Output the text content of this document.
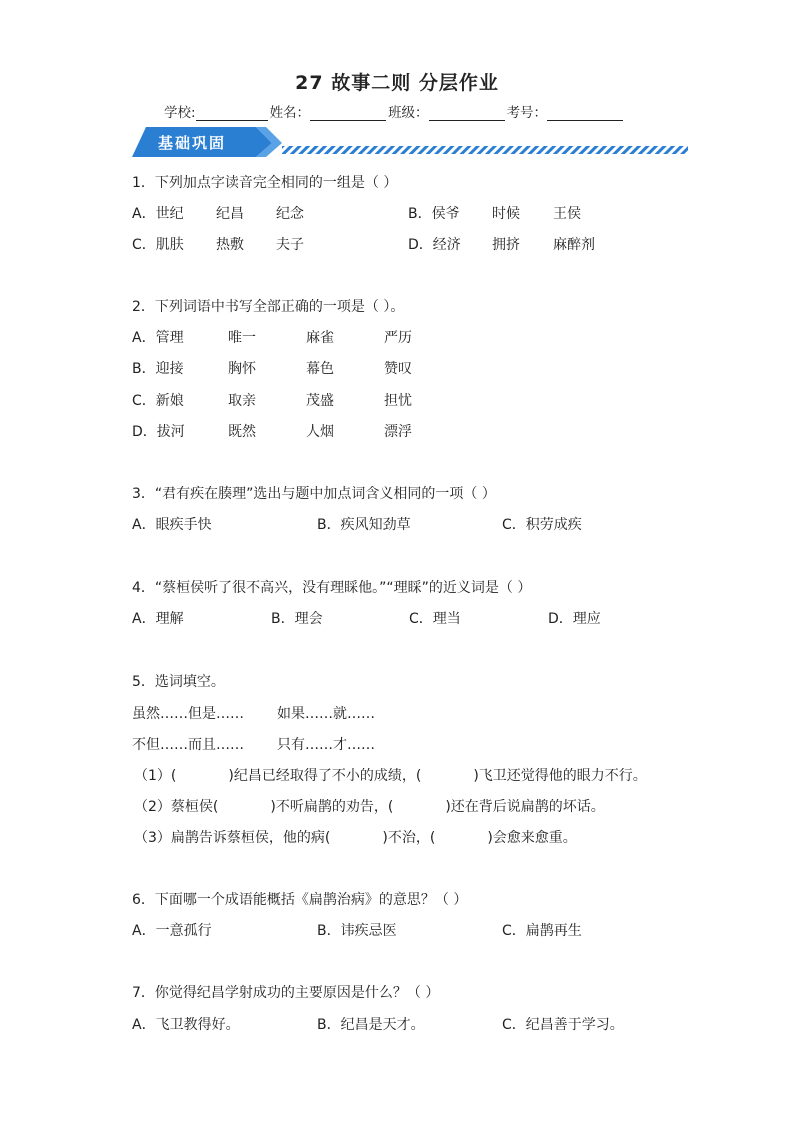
27 故事二则 分层作业
学校:	姓名：	班级：	考号：
基础巩固
1．下列加点字读音完全相同的一组是（ ）
A．世纪 纪昌 纪念	B．侯爷 时候 王侯
C．肌肤 热敷 夫子	D．经济 拥挤 麻醉剂
2．下列词语中书写全部正确的一项是（ ）。
A．管理	唯一	麻雀	严历
B．迎接	胸怀	幕色	赞叹
C．新娘	取亲	茂盛	担忧
D．拔河	既然	人烟	漂浮
3．“君有疾在腠理”选出与题中加点词含义相同的一项（ ）
A．眼疾手快	B．疾风知劲草	C．积劳成疾
4．“蔡桓侯听了很不高兴，没有理睬他。”“理睬”的近义词是（ ）
A．理解	B．理会	C．理当	D．理应
5．选词填空。
虽然……但是…… 如果……就……
不但……而且…… 只有……才……
（1）(	)纪昌已经取得了不小的成绩，(	)飞卫还觉得他的眼力不行。
（2）蔡桓侯(	)不听扁鹊的劝告，(	)还在背后说扁鹊的坏话。
（3）扁鹊告诉蔡桓侯，他的病(	)不治，(	)会愈来愈重。
6．下面哪一个成语能概括《扁鹊治病》的意思？（ ）
A．一意孤行	B．讳疾忌医	C．扁鹊再生
7．你觉得纪昌学射成功的主要原因是什么？（ ）
A．飞卫教得好。	B．纪昌是天才。	C．纪昌善于学习。
